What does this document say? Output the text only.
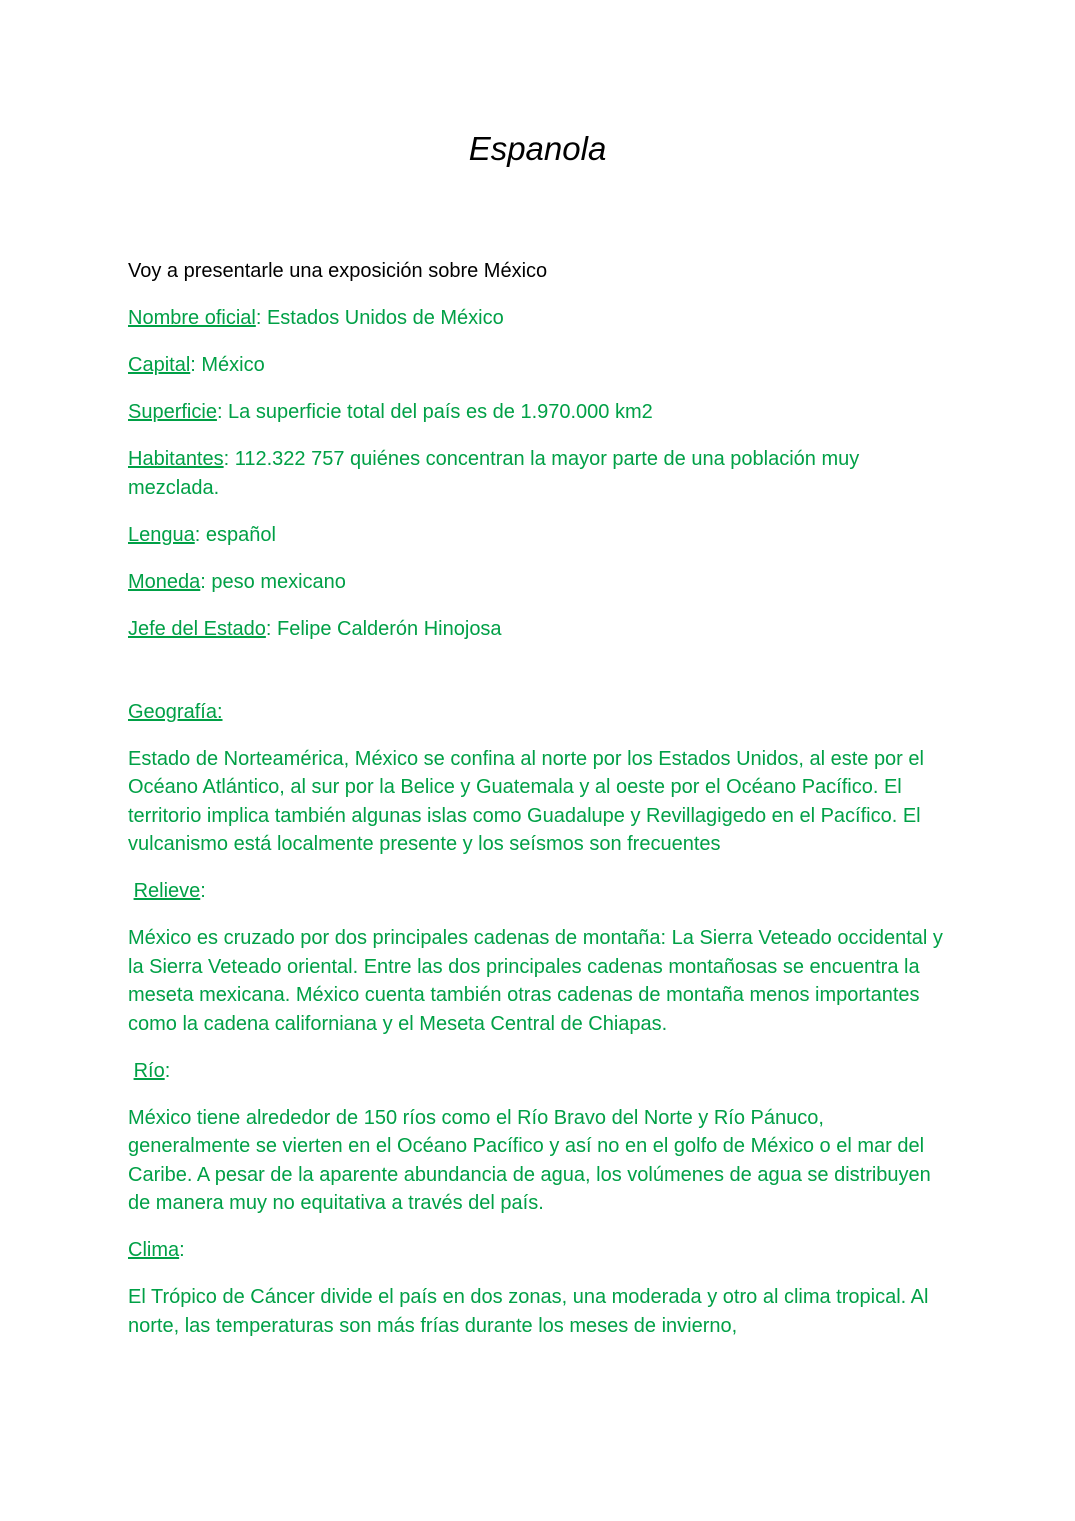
Espanola

Voy a presentarle una exposición sobre México

Nombre oficial: Estados Unidos de México

Capital: México

Superficie: La superficie total del país es de 1.970.000 km2

Habitantes: 112.322 757 quiénes concentran la mayor parte de una población muy mezclada.

Lengua: español

Moneda: peso mexicano

Jefe del Estado: Felipe Calderón Hinojosa

Geografía:

Estado de Norteamérica, México se confina al norte por los Estados Unidos, al este por el Océano Atlántico, al sur por la Belice y Guatemala y al oeste por el Océano Pacífico. El territorio implica también algunas islas como Guadalupe y Revillagigedo en el Pacífico. El vulcanismo está localmente presente y los seísmos son frecuentes

Relieve:

México es cruzado por dos principales cadenas de montaña: La Sierra Veteado occidental y la Sierra Veteado oriental. Entre las dos principales cadenas montañosas se encuentra la meseta mexicana. México cuenta también otras cadenas de montaña menos importantes como la cadena californiana y el Meseta Central de Chiapas.

Río:

México tiene alrededor de 150 ríos como el Río Bravo del Norte y Río Pánuco, generalmente se vierten en el Océano Pacífico y así no en el golfo de México o el mar del Caribe. A pesar de la aparente abundancia de agua, los volúmenes de agua se distribuyen de manera muy no equitativa a través del país.

Clima:

El Trópico de Cáncer divide el país en dos zonas, una moderada y otro al clima tropical. Al norte, las temperaturas son más frías durante los meses de invierno,
